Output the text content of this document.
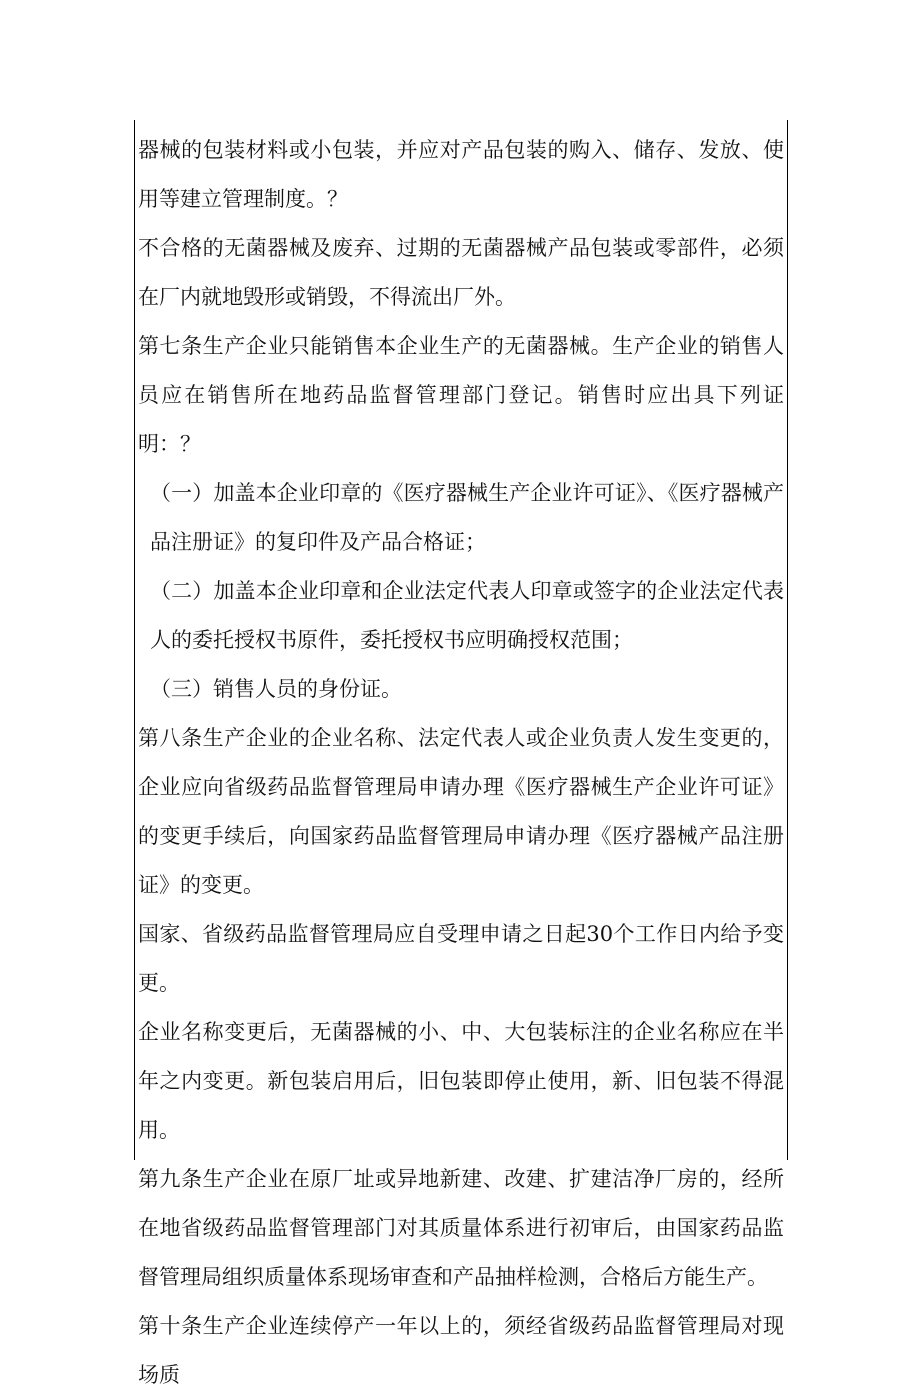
器械的包装材料或小包装，并应对产品包装的购入、储存、发放、使用等建立管理制度。？

不合格的无菌器械及废弃、过期的无菌器械产品包装或零部件，必须在厂内就地毁形或销毁，不得流出厂外。

第七条生产企业只能销售本企业生产的无菌器械。生产企业的销售人员应在销售所在地药品监督管理部门登记。销售时应出具下列证明：？

（一）加盖本企业印章的《医疗器械生产企业许可证》、《医疗器械产品注册证》的复印件及产品合格证；

（二）加盖本企业印章和企业法定代表人印章或签字的企业法定代表人的委托授权书原件，委托授权书应明确授权范围；

（三）销售人员的身份证。

第八条生产企业的企业名称、法定代表人或企业负责人发生变更的，企业应向省级药品监督管理局申请办理《医疗器械生产企业许可证》的变更手续后，向国家药品监督管理局申请办理《医疗器械产品注册证》的变更。

国家、省级药品监督管理局应自受理申请之日起30个工作日内给予变更。

企业名称变更后，无菌器械的小、中、大包装标注的企业名称应在半年之内变更。新包装启用后，旧包装即停止使用，新、旧包装不得混用。

第九条生产企业在原厂址或异地新建、改建、扩建洁净厂房的，经所在地省级药品监督管理部门对其质量体系进行初审后，由国家药品监督管理局组织质量体系现场审查和产品抽样检测，合格后方能生产。

第十条生产企业连续停产一年以上的，须经省级药品监督管理局对现场质
